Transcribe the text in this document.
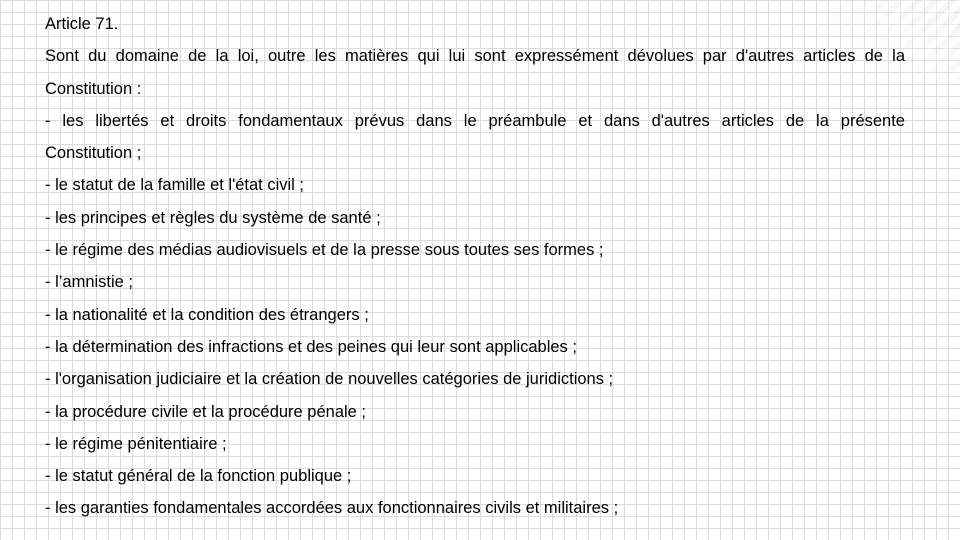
Article 71.

Sont du domaine de la loi, outre les matières qui lui sont expressément dévolues par d'autres articles de la
Constitution :

- les libertés et droits fondamentaux prévus dans le préambule et dans d'autres articles de la présente
Constitution ;

- le statut de la famille et l'état civil ;

- les principes et règles du système de santé ;

- le régime des médias audiovisuels et de la presse sous toutes ses formes ;

- l’amnistie ;

- la nationalité et la condition des étrangers ;

- la détermination des infractions et des peines qui leur sont applicables ;

- l'organisation judiciaire et la création de nouvelles catégories de juridictions ;

- la procédure civile et la procédure pénale ;

- le régime pénitentiaire ;

- le statut général de la fonction publique ;

- les garanties fondamentales accordées aux fonctionnaires civils et militaires ;
